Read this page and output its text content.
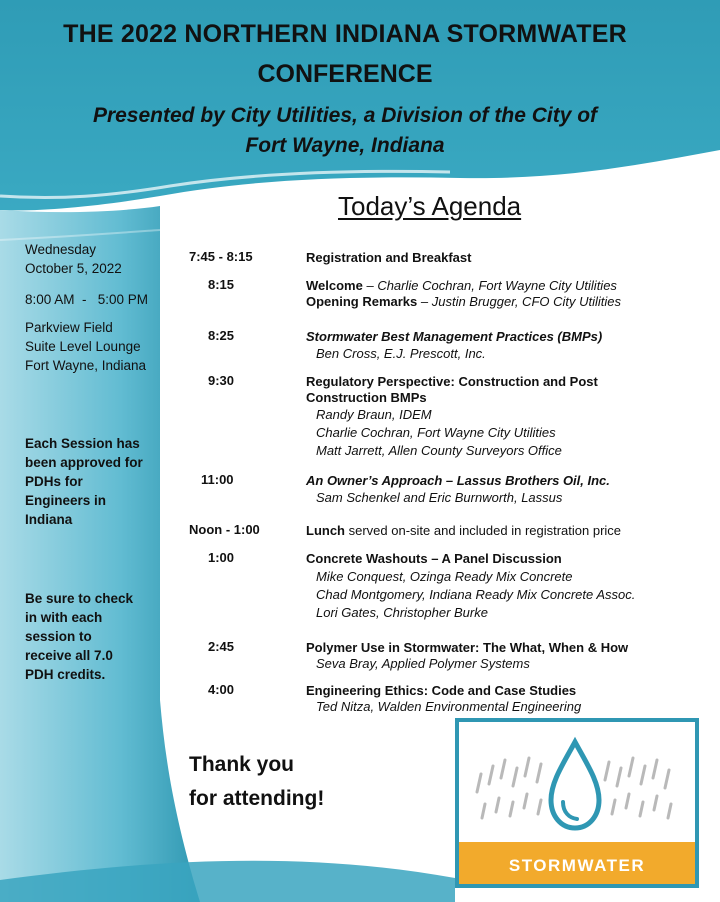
THE 2022 NORTHERN INDIANA STORMWATER
CONFERENCE
Presented by City Utilities, a Division of the City of
Fort Wayne, Indiana
Today’s Agenda
Wednesday
October 5, 2022
8:00 AM  -   5:00 PM
Parkview Field
Suite Level Lounge
Fort Wayne, Indiana
Each Session has
been approved for
PDHs for
Engineers in
Indiana
Be sure to check
in with each
session to
receive all 7.0
PDH credits.
7:45 - 8:15	Registration and Breakfast
8:15	Welcome – Charlie Cochran, Fort Wayne City Utilities
Opening Remarks – Justin Brugger, CFO City Utilities
8:25	Stormwater Best Management Practices (BMPs)
Ben Cross, E.J. Prescott, Inc.
9:30	Regulatory Perspective: Construction and Post
Construction BMPs
Randy Braun, IDEM
Charlie Cochran, Fort Wayne City Utilities
Matt Jarrett, Allen County Surveyors Office
11:00	An Owner’s Approach – Lassus Brothers Oil, Inc.
Sam Schenkel and Eric Burnworth, Lassus
Noon - 1:00	Lunch served on-site and included in registration price
1:00	Concrete Washouts – A Panel Discussion
Mike Conquest, Ozinga Ready Mix Concrete
Chad Montgomery, Indiana Ready Mix Concrete Assoc.
Lori Gates, Christopher Burke
2:45	Polymer Use in Stormwater: The What, When & How
Seva Bray, Applied Polymer Systems
4:00	Engineering Ethics: Code and Case Studies
Ted Nitza, Walden Environmental Engineering
Thank you
for attending!
STORMWATER
